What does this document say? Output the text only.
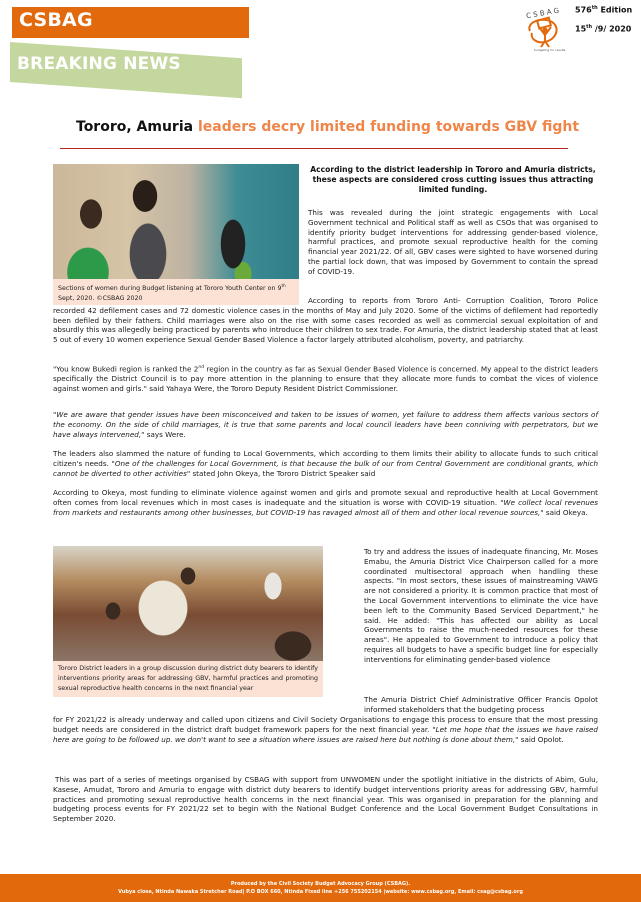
CSBAG
BREAKING NEWS
C S B A G
budgeting for results
576th Edition
15th /9/ 2020
Tororo, Amuria leaders decry limited funding towards GBV fight
Sections of women during Budget listening at Tororo Youth Center on 9th Sept, 2020. ©CSBAG 2020
According to the district leadership in Tororo and Amuria districts, these aspects are considered cross cutting issues thus attracting limited funding.
This was revealed during the joint strategic engagements with Local Government technical and Political staff as well as CSOs that was organised to identify priority budget interventions for addressing gender-based violence, harmful practices, and promote sexual reproductive health for the coming financial year 2021/22. Of all, GBV cases were sighted to have worsened during the partial lock down, that was imposed by Government to contain the spread of COVID-19.
According to reports from Tororo Anti- Corruption Coalition, Tororo Police recorded 42 defilement cases and 72 domestic violence cases in the months of May and July 2020. Some of the victims of defilement had reportedly been defiled by their fathers. Child marriages were also on the rise with some cases recorded as well as commercial sexual exploitation of and absurdly this was allegedly being practiced by parents who introduce their children to sex trade. For Amuria, the district leadership stated that at least 5 out of every 10 women experience Sexual Gender Based Violence a factor largely attributed alcoholism, poverty, and patriarchy.
"You know Bukedi region is ranked the 2nd region in the country as far as Sexual Gender Based Violence is concerned. My appeal to the district leaders specifically the District Council is to pay more attention in the planning to ensure that they allocate more funds to combat the vices of violence against women and girls." said Yahaya Were, the Tororo Deputy Resident District Commissioner.
"We are aware that gender issues have been misconceived and taken to be issues of women, yet failure to address them affects various sectors of the economy. On the side of child marriages, it is true that some parents and local council leaders have been conniving with perpetrators, but we have always intervened," says Were.
The leaders also slammed the nature of funding to Local Governments, which according to them limits their ability to allocate funds to such critical citizen's needs. "One of the challenges for Local Government, is that because the bulk of our from Central Government are conditional grants, which cannot be diverted to other activities" stated John Okeya, the Tororo District Speaker said
According to Okeya, most funding to eliminate violence against women and girls and promote sexual and reproductive health at Local Government often comes from local revenues which in most cases is inadequate and the situation is worse with COVID-19 situation. "We collect local revenues from markets and restaurants among other businesses, but COVID-19 has ravaged almost all of them and other local revenue sources," said Okeya.
Tororo District leaders in a group discussion during district duty bearers to identify interventions priority areas for addressing GBV, harmful practices and promoting sexual reproductive health concerns in the next financial year
To try and address the issues of inadequate financing, Mr. Moses Emabu, the Amuria District Vice Chairperson called for a more coordinated multisectoral approach when handling these aspects. "In most sectors, these issues of mainstreaming VAWG are not considered a priority. It is common practice that most of the Local Government interventions to eliminate the vice have been left to the Community Based Serviced Department," he said. He added: "This has affected our ability as Local Governments to raise the much-needed resources for these areas". He appealed to Government to introduce a policy that requires all budgets to have a specific budget line for especially interventions for eliminating gender-based violence
The Amuria District Chief Administrative Officer Francis Opolot informed stakeholders that the budgeting process
for FY 2021/22 is already underway and called upon citizens and Civil Society Organisations to engage this process to ensure that the most pressing budget needs are considered in the district draft budget framework papers for the next financial year. "Let me hope that the issues we have raised here are going to be followed up. we don't want to see a situation where issues are raised here but nothing is done about them," said Opolot.
This was part of a series of meetings organised by CSBAG with support from UNWOMEN under the spotlight initiative in the districts of Abim, Gulu, Kasese, Amudat, Tororo and Amuria to engage with district duty bearers to identify budget interventions priority areas for addressing GBV, harmful practices and promoting sexual reproductive health concerns in the next financial year. This was organised in preparation for the planning and budgeting process events for FY 2021/22 set to begin with the National Budget Conference and the Local Government Budget Consultations in September 2020.
Produced by the Civil Society Budget Advocacy Group (CSBAG).
Vubya close, Ntinda Nawaka Stretcher Road| P.O BOX 660, Ntinda Fixed line +256 755202154 |website: www.csbag.org, Email: csag@csbag.org
